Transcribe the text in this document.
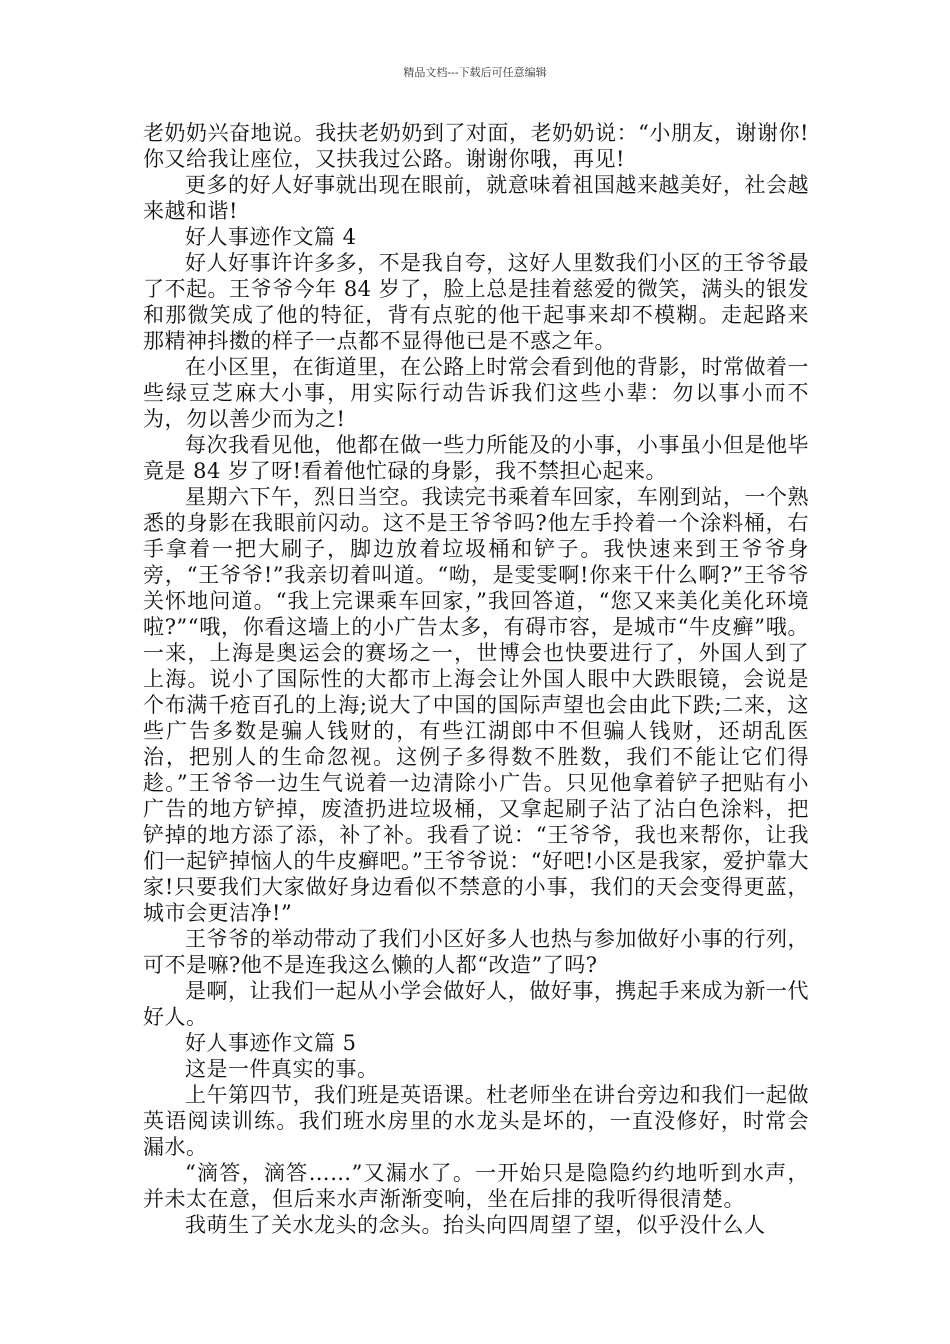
精品文档---下载后可任意编辑

老奶奶兴奋地说。我扶老奶奶到了对面，老奶奶说：“小朋友，谢谢你!你又给我让座位，又扶我过公路。谢谢你哦，再见!

更多的好人好事就出现在眼前，就意味着祖国越来越美好，社会越来越和谐!

好人事迹作文篇 4

好人好事许许多多，不是我自夸，这好人里数我们小区的王爷爷最了不起。王爷爷今年 84 岁了，脸上总是挂着慈爱的微笑，满头的银发和那微笑成了他的特征，背有点驼的他干起事来却不模糊。走起路来那精神抖擞的样子一点都不显得他已是不惑之年。

在小区里，在街道里，在公路上时常会看到他的背影，时常做着一些绿豆芝麻大小事，用实际行动告诉我们这些小辈：勿以事小而不为，勿以善少而为之!

每次我看见他，他都在做一些力所能及的小事，小事虽小但是他毕竟是 84 岁了呀!看着他忙碌的身影，我不禁担心起来。

星期六下午，烈日当空。我读完书乘着车回家，车刚到站，一个熟悉的身影在我眼前闪动。这不是王爷爷吗?他左手拎着一个涂料桶，右手拿着一把大刷子，脚边放着垃圾桶和铲子。我快速来到王爷爷身旁，“王爷爷!”我亲切着叫道。“呦，是雯雯啊!你来干什么啊?”王爷爷关怀地问道。“我上完课乘车回家，”我回答道，“您又来美化美化环境啦?”“哦，你看这墙上的小广告太多，有碍市容，是城市“牛皮癣”哦。一来，上海是奥运会的赛场之一，世博会也快要进行了，外国人到了上海。说小了国际性的大都市上海会让外国人眼中大跌眼镜，会说是个布满千疮百孔的上海;说大了中国的国际声望也会由此下跌;二来，这些广告多数是骗人钱财的，有些江湖郎中不但骗人钱财，还胡乱医治，把别人的生命忽视。这例子多得数不胜数，我们不能让它们得趁。”王爷爷一边生气说着一边清除小广告。只见他拿着铲子把贴有小广告的地方铲掉，废渣扔进垃圾桶，又拿起刷子沾了沾白色涂料，把铲掉的地方添了添，补了补。我看了说：“王爷爷，我也来帮你，让我们一起铲掉恼人的牛皮癣吧。”王爷爷说：“好吧!小区是我家，爱护靠大家!只要我们大家做好身边看似不禁意的小事，我们的天会变得更蓝，城市会更洁净!”

王爷爷的举动带动了我们小区好多人也热与参加做好小事的行列，可不是嘛?他不是连我这么懒的人都“改造”了吗?

是啊，让我们一起从小学会做好人，做好事，携起手来成为新一代好人。

好人事迹作文篇 5

这是一件真实的事。

上午第四节，我们班是英语课。杜老师坐在讲台旁边和我们一起做英语阅读训练。我们班水房里的水龙头是坏的，一直没修好，时常会漏水。

“滴答，滴答……”又漏水了。一开始只是隐隐约约地听到水声，并未太在意，但后来水声渐渐变响，坐在后排的我听得很清楚。

我萌生了关水龙头的念头。抬头向四周望了望，似乎没什么人
